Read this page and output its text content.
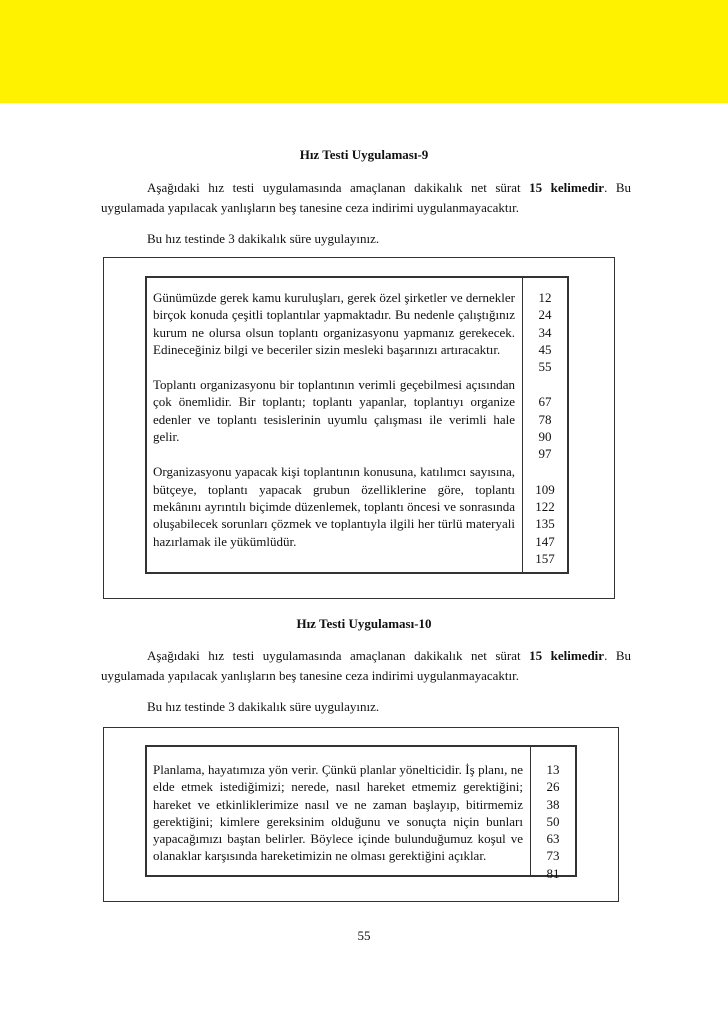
Hız Testi Uygulaması-9

Aşağıdaki hız testi uygulamasında amaçlanan dakikalık net sürat 15 kelimedir. Bu uygulamada yapılacak yanlışların beş tanesine ceza indirimi uygulanmayacaktır.

Bu hız testinde 3 dakikalık süre uygulayınız.

Günümüzde gerek kamu kuruluşları, gerek özel şirketler ve dernekler birçok konuda çeşitli toplantılar yapmaktadır. Bu nedenle çalıştığınız kurum ne olursa olsun toplantı organizasyonu yapmanız gerekecek. Edineceğiniz bilgi ve beceriler sizin mesleki başarınızı artıracaktır.

Toplantı organizasyonu bir toplantının verimli geçebilmesi açısından çok önemlidir. Bir toplantı; toplantı yapanlar, toplantıyı organize edenler ve toplantı tesislerinin uyumlu çalışması ile verimli hale gelir.

Organizasyonu yapacak kişi toplantının konusuna, katılımcı sayısına, bütçeye, toplantı yapacak grubun özelliklerine göre, toplantı mekânını ayrıntılı biçimde düzenlemek, toplantı öncesi ve sonrasında oluşabilecek sorunları çözmek ve toplantıyla ilgili her türlü materyali hazırlamak ile yükümlüdür.

12
24
34
45
55
67
78
90
97
109
122
135
147
157
Hız Testi Uygulaması-10

Aşağıdaki hız testi uygulamasında amaçlanan dakikalık net sürat 15 kelimedir. Bu uygulamada yapılacak yanlışların beş tanesine ceza indirimi uygulanmayacaktır.

Bu hız testinde 3 dakikalık süre uygulayınız.

Planlama, hayatımıza yön verir. Çünkü planlar yönelticidir. İş planı, ne elde etmek istediğimizi; nerede, nasıl hareket etmemiz gerektiğini; hareket ve etkinliklerimize nasıl ve ne zaman başlayıp, bitirmemiz gerektiğini; kimlere gereksinim olduğunu ve sonuçta niçin bunları yapacağımızı baştan belirler. Böylece içinde bulunduğumuz koşul ve olanaklar karşısında hareketimizin ne olması gerektiğini açıklar.

13
26
38
50
63
73
81
55
